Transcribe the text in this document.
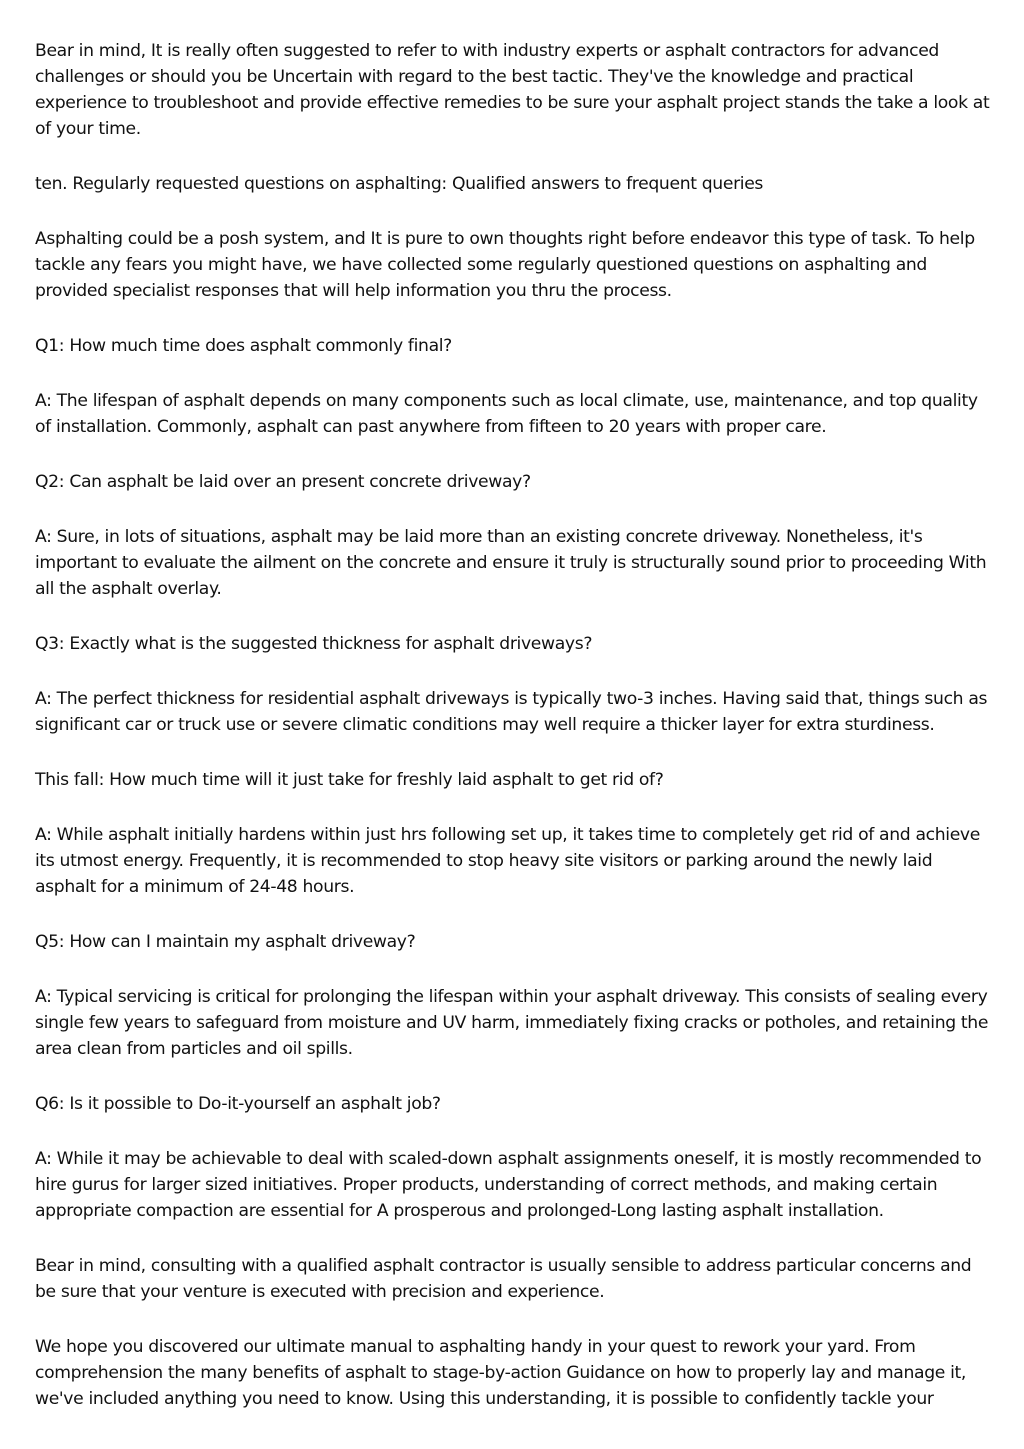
Bear in mind, It is really often suggested to refer to with industry experts or asphalt contractors for advanced challenges or should you be Uncertain with regard to the best tactic. They've the knowledge and practical experience to troubleshoot and provide effective remedies to be sure your asphalt project stands the take a look at of your time.

ten. Regularly requested questions on asphalting: Qualified answers to frequent queries

Asphalting could be a posh system, and It is pure to own thoughts right before endeavor this type of task. To help tackle any fears you might have, we have collected some regularly questioned questions on asphalting and provided specialist responses that will help information you thru the process.

Q1: How much time does asphalt commonly final?

A: The lifespan of asphalt depends on many components such as local climate, use, maintenance, and top quality of installation. Commonly, asphalt can past anywhere from fifteen to 20 years with proper care.

Q2: Can asphalt be laid over an present concrete driveway?

A: Sure, in lots of situations, asphalt may be laid more than an existing concrete driveway. Nonetheless, it's important to evaluate the ailment on the concrete and ensure it truly is structurally sound prior to proceeding With all the asphalt overlay.

Q3: Exactly what is the suggested thickness for asphalt driveways?

A: The perfect thickness for residential asphalt driveways is typically two-3 inches. Having said that, things such as significant car or truck use or severe climatic conditions may well require a thicker layer for extra sturdiness.

This fall: How much time will it just take for freshly laid asphalt to get rid of?

A: While asphalt initially hardens within just hrs following set up, it takes time to completely get rid of and achieve its utmost energy. Frequently, it is recommended to stop heavy site visitors or parking around the newly laid asphalt for a minimum of 24-48 hours.

Q5: How can I maintain my asphalt driveway?

A: Typical servicing is critical for prolonging the lifespan within your asphalt driveway. This consists of sealing every single few years to safeguard from moisture and UV harm, immediately fixing cracks or potholes, and retaining the area clean from particles and oil spills.

Q6: Is it possible to Do-it-yourself an asphalt job?

A: While it may be achievable to deal with scaled-down asphalt assignments oneself, it is mostly recommended to hire gurus for larger sized initiatives. Proper products, understanding of correct methods, and making certain appropriate compaction are essential for A prosperous and prolonged-Long lasting asphalt installation.

Bear in mind, consulting with a qualified asphalt contractor is usually sensible to address particular concerns and be sure that your venture is executed with precision and experience.

We hope you discovered our ultimate manual to asphalting handy in your quest to rework your yard. From comprehension the many benefits of asphalt to stage-by-action Guidance on how to properly lay and manage it, we've included anything you need to know. Using this understanding, it is possible to confidently tackle your
